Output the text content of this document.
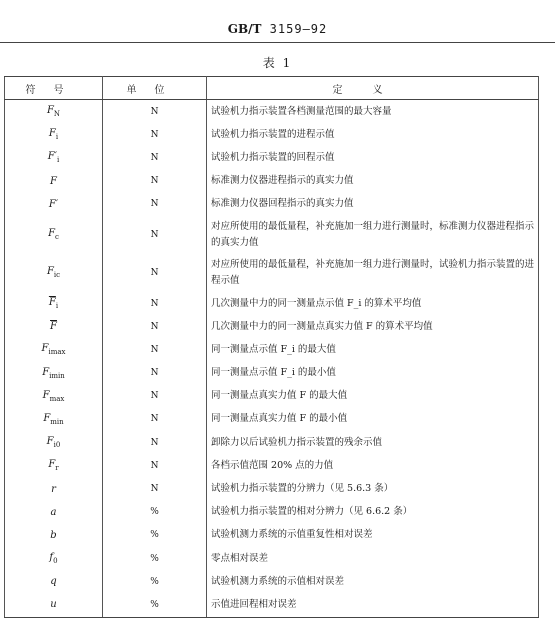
GB/T 3159—92
表 1
符号	单位	定义
$F_N$	N	试验机力指示装置各档测量范围的最大容量
$F_i$	N	试验机力指示装置的进程示值
$F'_i$	N	试验机力指示装置的回程示值
F	N	标准测力仪器进程指示的真实力值
F′	N	标准测力仪器回程指示的真实力值
$F_c$	N	对应所使用的最低量程，补充施加一组力进行测量时，标准测力仪器进程指示的真实力值
$F_{ic}$	N	对应所使用的最低量程，补充施加一组力进行测量时，试验机力指示装置的进程示值
$\overline{F}_i$	N	几次测量中力的同一测量点示值 F_i 的算术平均值
$\overline{F}$	N	几次测量中力的同一测量点真实力值 F 的算术平均值
$F_{imax}$	N	同一测量点示值 F_i 的最大值
$F_{imin}$	N	同一测量点示值 F_i 的最小值
$F_{max}$	N	同一测量点真实力值 F 的最大值
$F_{min}$	N	同一测量点真实力值 F 的最小值
$F_{i0}$	N	卸除力以后试验机力指示装置的残余示值
$F_r$	N	各档示值范围 20% 点的力值
r	N	试验机力指示装置的分辨力（见 5.6.3 条）
a	%	试验机力指示装置的相对分辨力（见 6.6.2 条）
b	%	试验机测力系统的示值重复性相对误差
$f_0$	%	零点相对误差
q	%	试验机测力系统的示值相对误差
u	%	示值进回程相对误差
